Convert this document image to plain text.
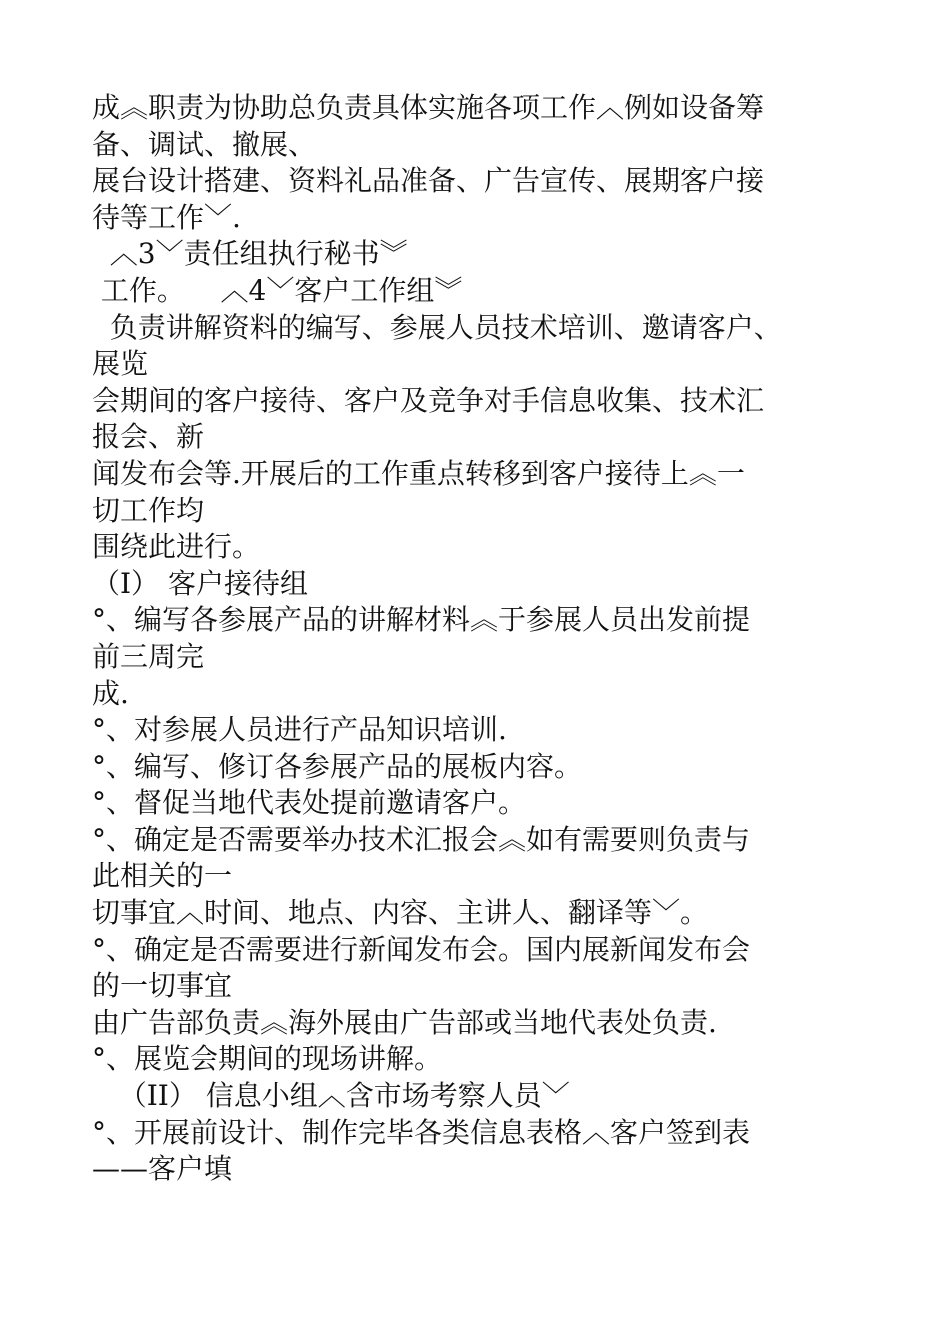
成︽职责为协助总负责具体实施各项工作︿例如设备筹
备、调试、撤展、
展台设计搭建、资料礼品准备、广告宣传、展期客户接
待等工作﹀.
︿3﹀责任组执行秘书︾
工作。    ︿4﹀客户工作组︾
负责讲解资料的编写、参展人员技术培训、邀请客户、
展览
会期间的客户接待、客户及竞争对手信息收集、技术汇
报会、新
闻发布会等.开展后的工作重点转移到客户接待上︽一
切工作均
围绕此进行。
（I） 客户接待组
°、编写各参展产品的讲解材料︽于参展人员出发前提
前三周完
成.
°、对参展人员进行产品知识培训.
°、编写、修订各参展产品的展板内容。
°、督促当地代表处提前邀请客户。
°、确定是否需要举办技术汇报会︽如有需要则负责与
此相关的一
切事宜︿时间、地点、内容、主讲人、翻译等﹀。
°、确定是否需要进行新闻发布会。国内展新闻发布会
的一切事宜
由广告部负责︽海外展由广告部或当地代表处负责.
°、展览会期间的现场讲解。
（II） 信息小组︿含市场考察人员﹀
°、开展前设计、制作完毕各类信息表格︿客户签到表
——客户填
